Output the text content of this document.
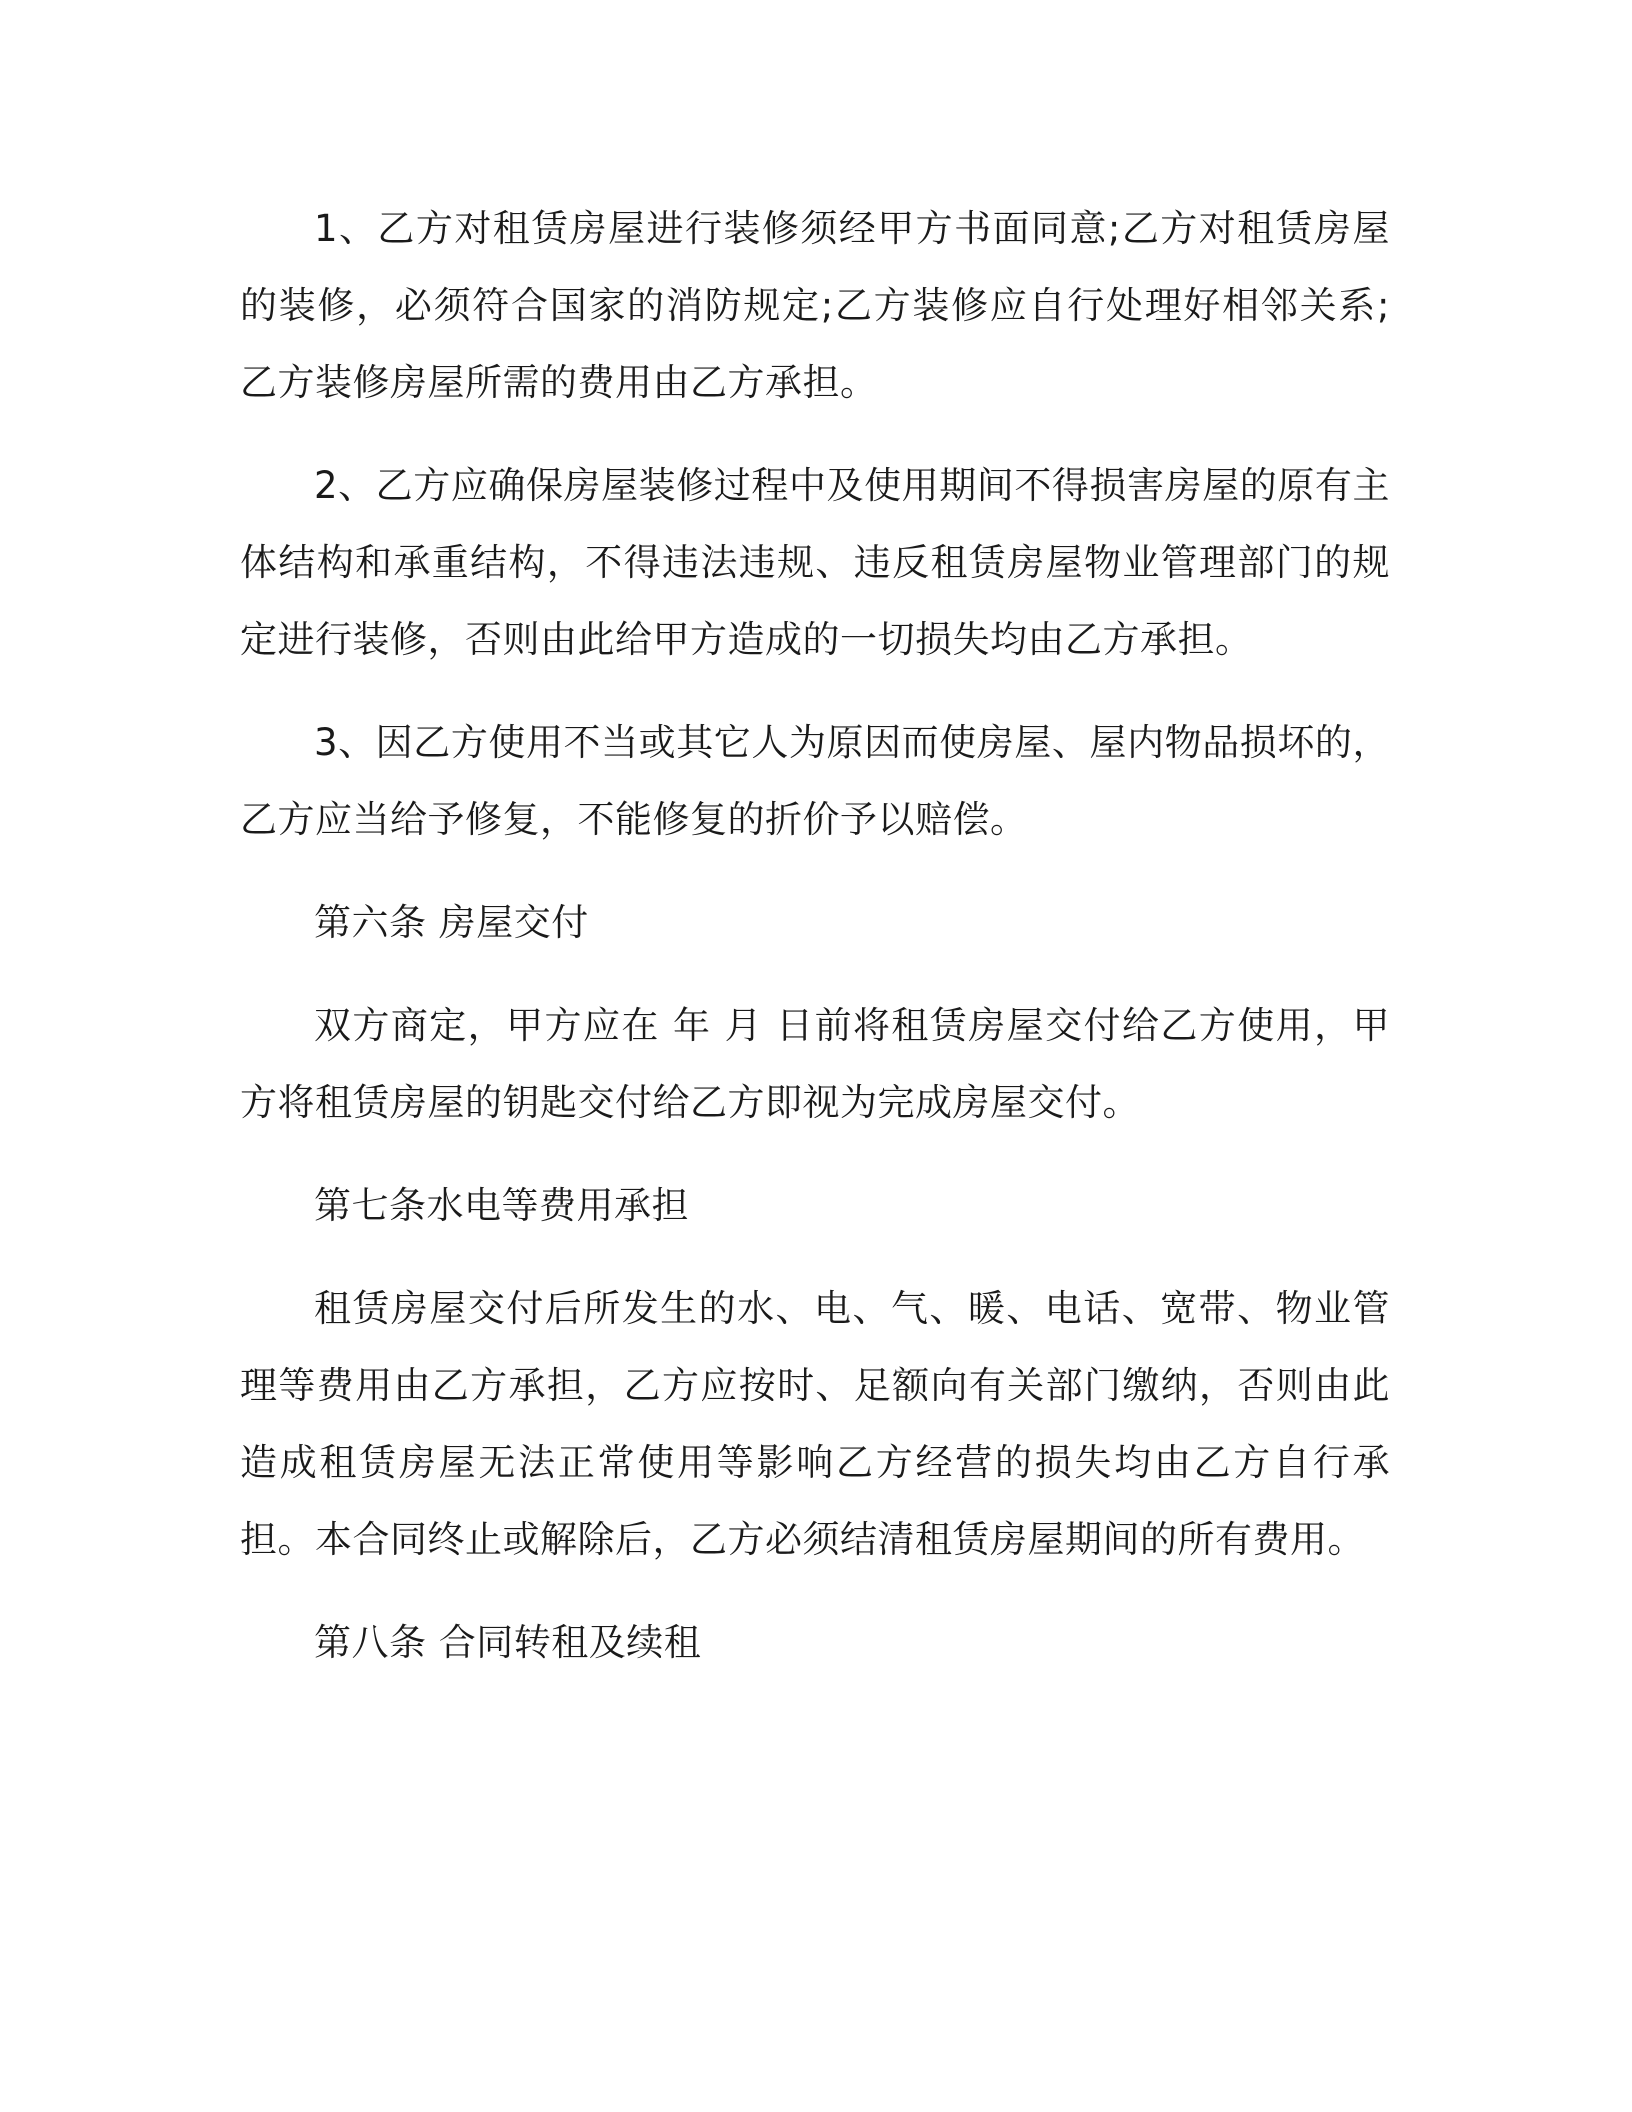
1、乙方对租赁房屋进行装修须经甲方书面同意;乙方对租赁房屋的装修，必须符合国家的消防规定;乙方装修应自行处理好相邻关系;乙方装修房屋所需的费用由乙方承担。

2、乙方应确保房屋装修过程中及使用期间不得损害房屋的原有主体结构和承重结构，不得违法违规、违反租赁房屋物业管理部门的规定进行装修，否则由此给甲方造成的一切损失均由乙方承担。

3、因乙方使用不当或其它人为原因而使房屋、屋内物品损坏的，乙方应当给予修复，不能修复的折价予以赔偿。

第六条 房屋交付

双方商定，甲方应在 年 月 日前将租赁房屋交付给乙方使用，甲方将租赁房屋的钥匙交付给乙方即视为完成房屋交付。

第七条水电等费用承担

租赁房屋交付后所发生的水、电、气、暖、电话、宽带、物业管理等费用由乙方承担，乙方应按时、足额向有关部门缴纳，否则由此造成租赁房屋无法正常使用等影响乙方经营的损失均由乙方自行承担。本合同终止或解除后，乙方必须结清租赁房屋期间的所有费用。

第八条 合同转租及续租
